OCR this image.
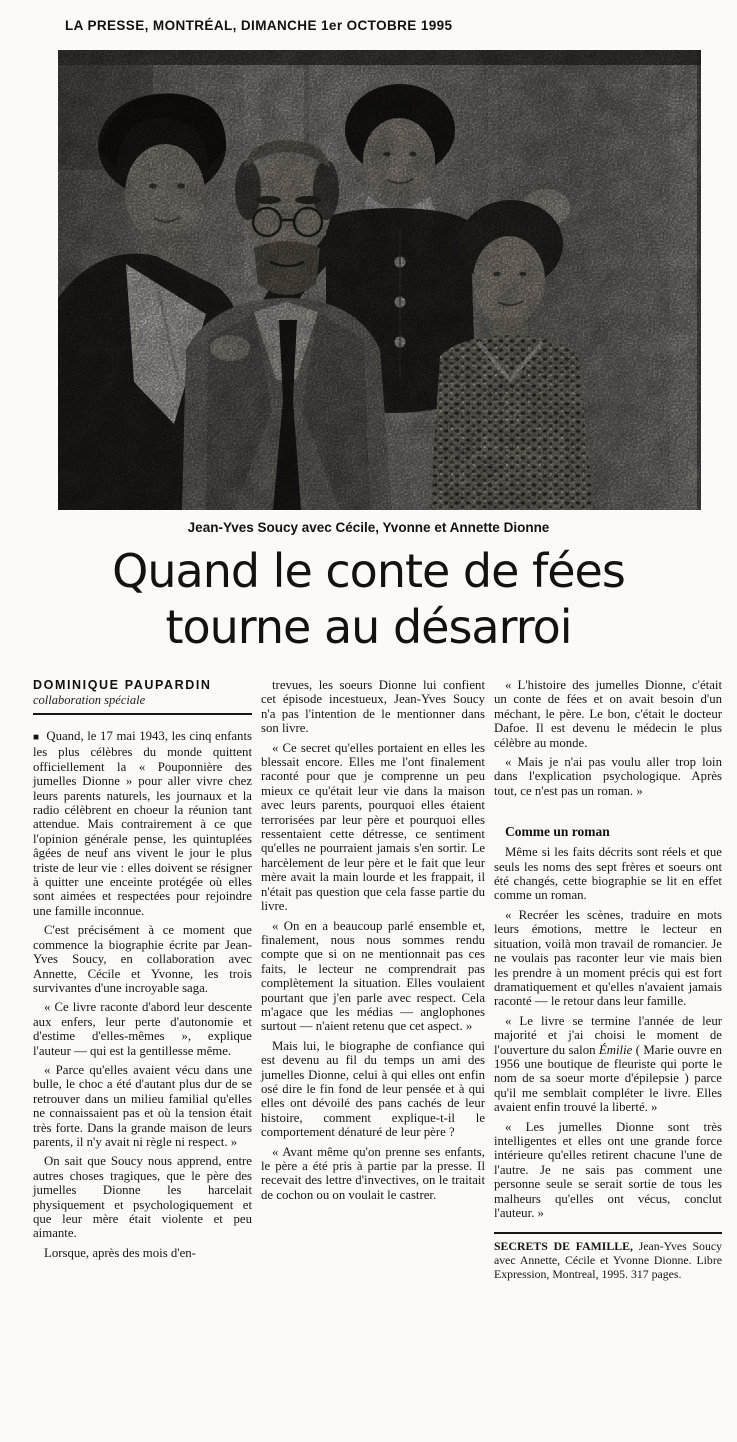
LA PRESSE, MONTRÉAL, DIMANCHE 1er OCTOBRE 1995
Jean-Yves Soucy avec Cécile, Yvonne et Annette Dionne
Quand le conte de fées
tourne au désarroi
DOMINIQUE PAUPARDIN
collaboration spéciale

■ Quand, le 17 mai 1943, les cinq enfants les plus célèbres du monde quittent officiellement la « Pouponnière des jumelles Dionne » pour aller vivre chez leurs parents naturels, les journaux et la radio célèbrent en choeur la réunion tant attendue. Mais contrairement à ce que l'opinion générale pense, les quintuplées âgées de neuf ans vivent le jour le plus triste de leur vie : elles doivent se résigner à quitter une enceinte protégée où elles sont aimées et respectées pour rejoindre une famille inconnue.

C'est précisément à ce moment que commence la biographie écrite par Jean-Yves Soucy, en collaboration avec Annette, Cécile et Yvonne, les trois survivantes d'une incroyable saga.

« Ce livre raconte d'abord leur descente aux enfers, leur perte d'autonomie et d'estime d'elles-mêmes », explique l'auteur — qui est la gentillesse même.

« Parce qu'elles avaient vécu dans une bulle, le choc a été d'autant plus dur de se retrouver dans un milieu familial qu'elles ne connaissaient pas et où la tension était très forte. Dans la grande maison de leurs parents, il n'y avait ni règle ni respect. »

On sait que Soucy nous apprend, entre autres choses tragiques, que le père des jumelles Dionne les harcelait physiquement et psychologiquement et que leur mère était violente et peu aimante.

Lorsque, après des mois d'en-

trevues, les soeurs Dionne lui confient cet épisode incestueux, Jean-Yves Soucy n'a pas l'intention de le mentionner dans son livre.

« Ce secret qu'elles portaient en elles les blessait encore. Elles me l'ont finalement raconté pour que je comprenne un peu mieux ce qu'était leur vie dans la maison avec leurs parents, pourquoi elles étaient terrorisées par leur père et pourquoi elles ressentaient cette détresse, ce sentiment qu'elles ne pourraient jamais s'en sortir. Le harcèlement de leur père et le fait que leur mère avait la main lourde et les frappait, il n'était pas question que cela fasse partie du livre.

« On en a beaucoup parlé ensemble et, finalement, nous nous sommes rendu compte que si on ne mentionnait pas ces faits, le lecteur ne comprendrait pas complètement la situation. Elles voulaient pourtant que j'en parle avec respect. Cela m'agace que les médias — anglophones surtout — n'aient retenu que cet aspect. »

Mais lui, le biographe de confiance qui est devenu au fil du temps un ami des jumelles Dionne, celui à qui elles ont enfin osé dire le fin fond de leur pensée et à qui elles ont dévoilé des pans cachés de leur histoire, comment explique-t-il le comportement dénaturé de leur père ?

« Avant même qu'on prenne ses enfants, le père a été pris à partie par la presse. Il recevait des lettre d'invectives, on le traitait de cochon ou on voulait le castrer.

« L'histoire des jumelles Dionne, c'était un conte de fées et on avait besoin d'un méchant, le père. Le bon, c'était le docteur Dafoe. Il est devenu le médecin le plus célèbre au monde.

« Mais je n'ai pas voulu aller trop loin dans l'explication psychologique. Après tout, ce n'est pas un roman. »

Comme un roman

Même si les faits décrits sont réels et que seuls les noms des sept frères et soeurs ont été changés, cette biographie se lit en effet comme un roman.

« Recréer les scènes, traduire en mots leurs émotions, mettre le lecteur en situation, voilà mon travail de romancier. Je ne voulais pas raconter leur vie mais bien les prendre à un moment précis qui est fort dramatiquement et qu'elles n'avaient jamais raconté — le retour dans leur famille.

« Le livre se termine l'année de leur majorité et j'ai choisi le moment de l'ouverture du salon Émilie ( Marie ouvre en 1956 une boutique de fleuriste qui porte le nom de sa soeur morte d'épilepsie ) parce qu'il me semblait compléter le livre. Elles avaient enfin trouvé la liberté. »

« Les jumelles Dionne sont très intelligentes et elles ont une grande force intérieure qu'elles retirent chacune l'une de l'autre. Je ne sais pas comment une personne seule se serait sortie de tous les malheurs qu'elles ont vécus, conclut l'auteur. »

SECRETS DE FAMILLE, Jean-Yves Soucy avec Annette, Cécile et Yvonne Dionne. Libre Expression, Montreal, 1995. 317 pages.
